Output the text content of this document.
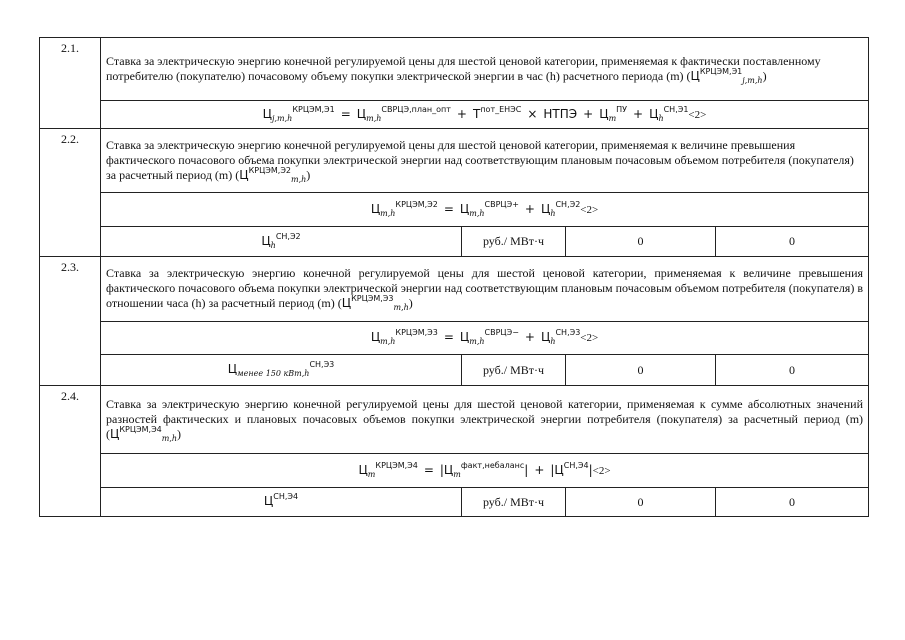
2.1.	Ставка за электрическую энергию конечной регулируемой цены для шестой ценовой категории, применяемая к фактически поставленному потребителю (покупателю) почасовому объему покупки электрической энергии в час (h) расчетного периода (m) $(Ц^{КРЦЭМ,Э1}_{j,m,h})$			
	$Ц_{j,m,h}^{КРЦЭМ,Э1} = Ц_{m,h}^{СВРЦЭ,план\_опт} + T^{пот\_ЕНЭС}$ × НТПЭ + $Ц_m^{ПУ} + Ц_h^{СН,Э1}<2>$			
2.2.	Ставка за электрическую энергию конечной регулируемой цены для шестой ценовой категории, применяемая к величине превышения фактического почасового объема покупки электрической энергии над соответствующим плановым почасовым объемом потребителя (покупателя) за расчетный период (m) $(Ц^{КРЦЭМ,Э2}_{m,h})$			
	$Ц_{m,h}^{КРЦЭМ,Э2} = Ц_{m,h}^{СВРЦЭ+} + Ц_h^{СН,Э2}<2>$			
	$Ц_h^{СН,Э2}$	руб./ МВт·ч	0	0
2.3.	Ставка за электрическую энергию конечной регулируемой цены для шестой ценовой категории, применяемая к величине превышения фактического почасового объема покупки электрической энергии над соответствующим плановым почасовым объемом потребителя (покупателя) в отношении часа (h) за расчетный период (m) $(Ц^{КРЦЭМ,Э3}_{m,h})$			
	$Ц_{m,h}^{КРЦЭМ,Э3} = Ц_{m,h}^{СВРЦЭ-} + Ц_h^{СН,Э3}<2>$			
	$Ц_{менее 150 кВт,h}^{СН,Э3}$	руб./ МВт·ч	0	0
2.4.	Ставка за электрическую энергию конечной регулируемой цены для шестой ценовой категории, применяемая к сумме абсолютных значений разностей фактических и плановых почасовых объемов покупки электрической энергии потребителя (покупателя) за расчетный период (m) $(Ц^{КРЦЭМ,Э4}_{m,h})$			
	$Ц_m^{КРЦЭМ,Э4} = |Ц_m^{факт,небаланс}| + |Ц^{СН,Э4}|<2>$			
	$Ц^{СН,Э4}$	руб./ МВт·ч	0	0
